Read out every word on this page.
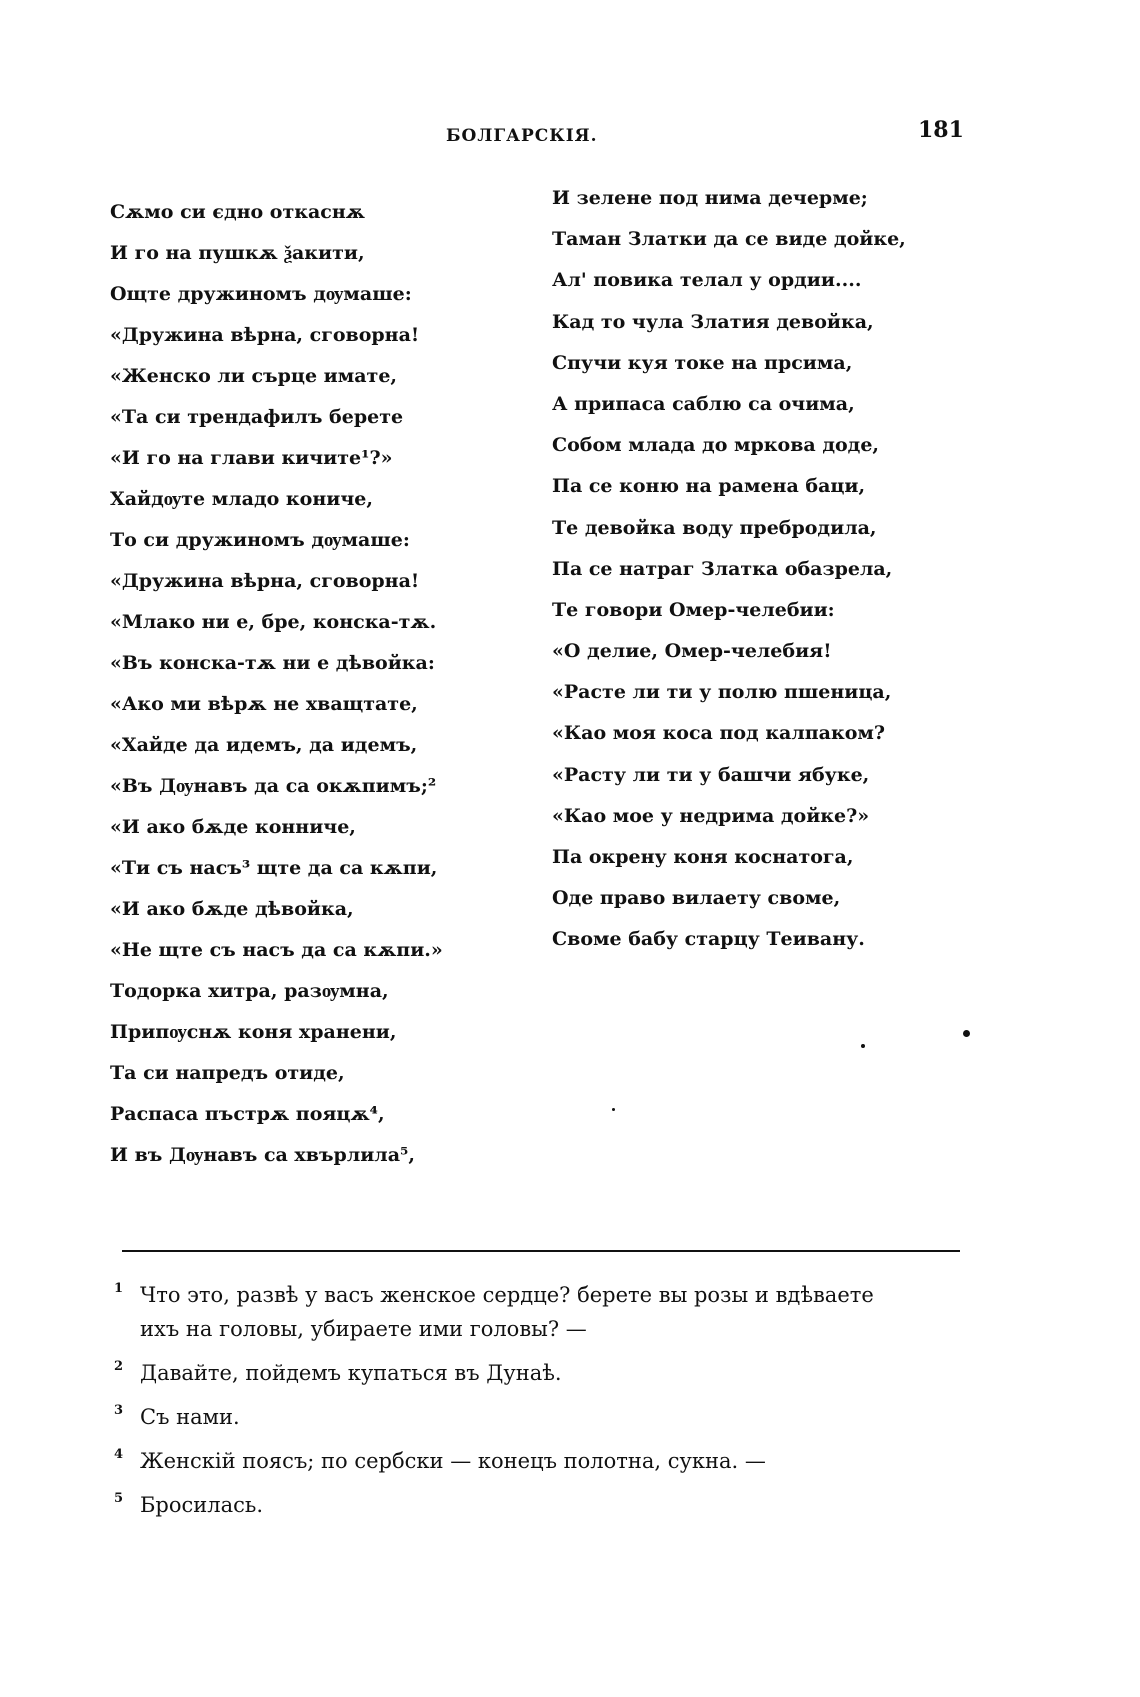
БОЛГАРСКІЯ.	181
Сѫмо си єдно откаснѫ
И го на пушкѫ ѯакити,
Ощте дружиномъ дѹмаше:
«Дружина вѣрна, сговорна!
«Женско ли сърце имате,
«Та си трендафилъ берете
«И го на глави кичите¹?»
Хайдѹтe младо коничe,
То си дружиномъ дѹмаше:
«Дружина вѣрна, сговорна!
«Млако ни е, бре, конска-тѫ.
«Въ конска-тѫ ни е дѣвойка:
«Ако ми вѣрѫ не хващтате,
«Хайде да идемъ, да идемъ,
«Въ Дѹнавъ да са окѫпимъ;²
«И ако бѫде конниче,
«Ти съ насъ³ щте да са кѫпи,
«И ако бѫде дѣвойка,
«Не щте съ насъ да са кѫпи.»
Тодорка хитра, разѹмна,
Припѹснѫ коня хранени,
Та си напредъ отиде,
Распаса пъстрѫ пояцѫ⁴,
И въ Дѹнавъ са хвърлила⁵,
И зелене под нима дечерме;
Таман Златки да се виде дойке,
Ал' повика телал у ордии....
Кад то чула Златия девойка,
Спучи куя токе на прсима,
А припаса саблю са очима,
Собом млада до мркова доде,
Па се коню на рамена баци,
Те девойка воду пребродила,
Па се натраг Златка обазрела,
Те говори Омер-челебии:
«О делие, Омер-челебия!
«Расте ли ти у полю пшеница,
«Као моя коса под калпаком?
«Расту ли ти у башчи ябуке,
«Као мое у недрима дойке?»
Па окрену коня коснатога,
Оде право вилаету своме,
Своме бабу старцу Теивану.
1 Что это, развѣ у васъ женское сердце? берете вы розы и вдѣваете
ихъ на головы, убираете ими головы? —
2 Давайте, пойдемъ купаться въ Дунаѣ.
3 Съ нами.
4 Женскій поясъ; по сербски — конецъ полотна, сукна. —
5 Бросилась.
